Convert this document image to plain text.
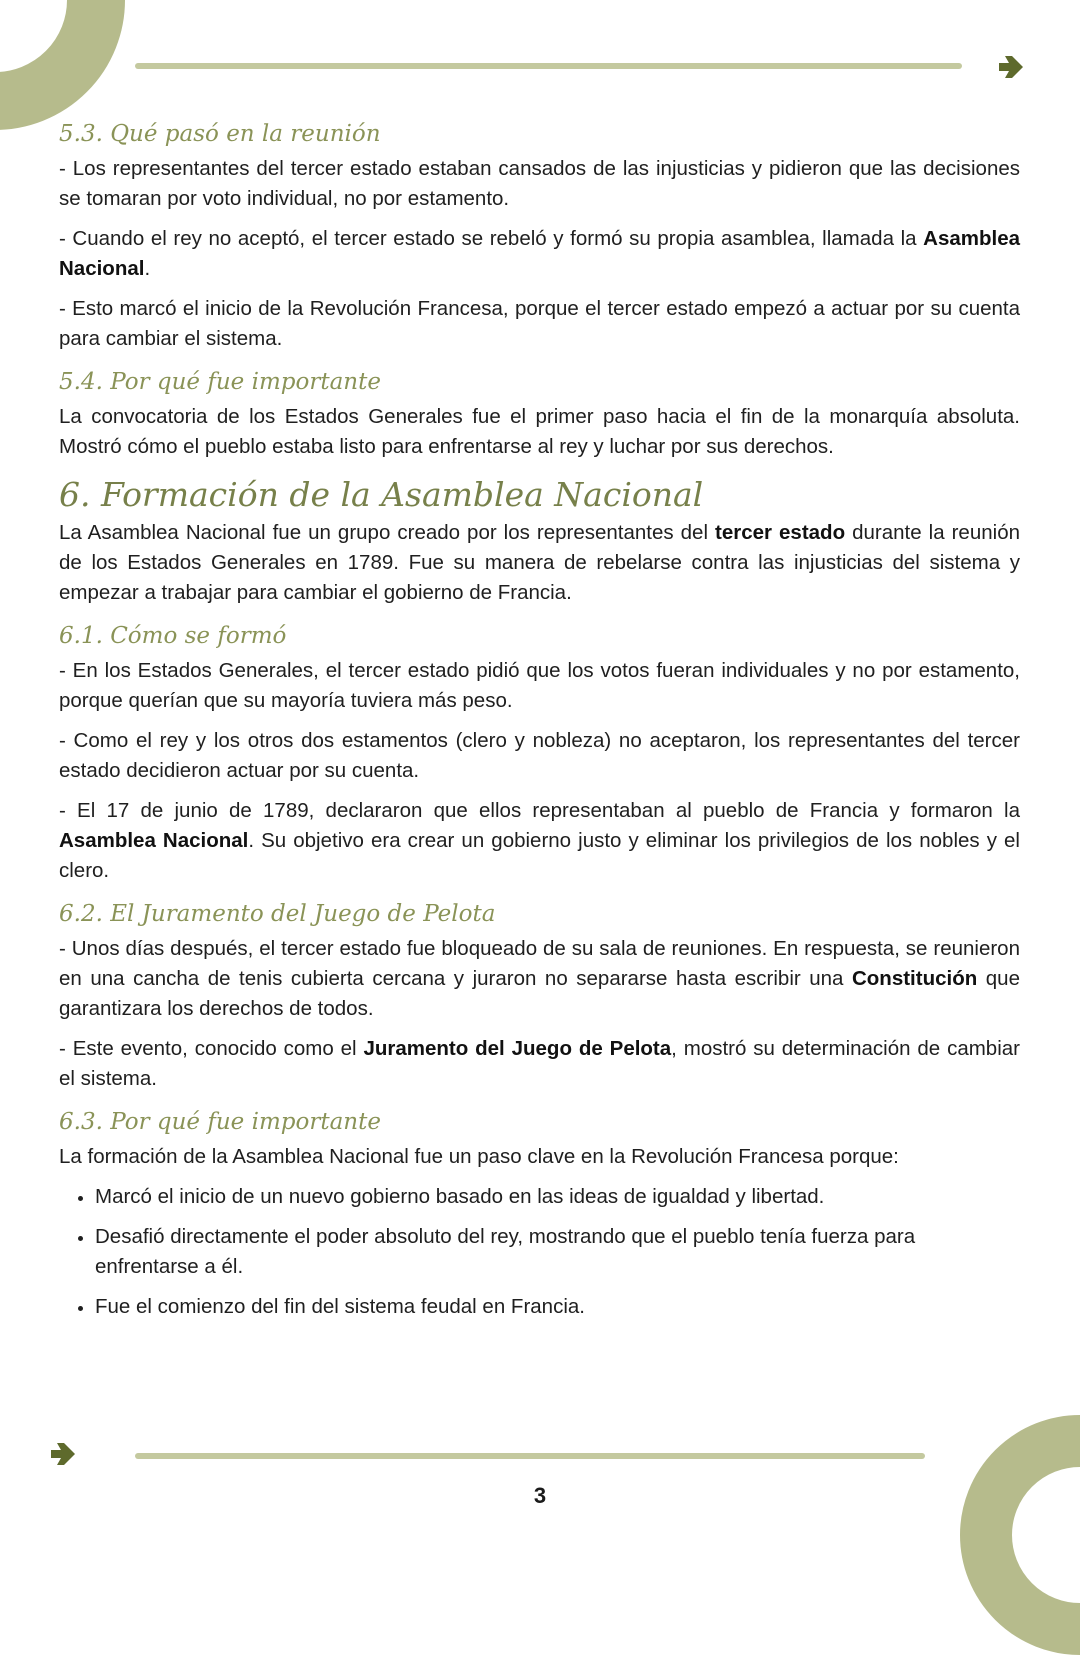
5.3. Qué pasó en la reunión

- Los representantes del tercer estado estaban cansados de las injusticias y pidieron que las decisiones se tomaran por voto individual, no por estamento.

- Cuando el rey no aceptó, el tercer estado se rebeló y formó su propia asamblea, llamada la Asamblea Nacional.

- Esto marcó el inicio de la Revolución Francesa, porque el tercer estado empezó a actuar por su cuenta para cambiar el sistema.

5.4. Por qué fue importante

La convocatoria de los Estados Generales fue el primer paso hacia el fin de la monarquía absoluta. Mostró cómo el pueblo estaba listo para enfrentarse al rey y luchar por sus derechos.

6. Formación de la Asamblea Nacional

La Asamblea Nacional fue un grupo creado por los representantes del tercer estado durante la reunión de los Estados Generales en 1789. Fue su manera de rebelarse contra las injusticias del sistema y empezar a trabajar para cambiar el gobierno de Francia.

6.1. Cómo se formó

- En los Estados Generales, el tercer estado pidió que los votos fueran individuales y no por estamento, porque querían que su mayoría tuviera más peso.

- Como el rey y los otros dos estamentos (clero y nobleza) no aceptaron, los representantes del tercer estado decidieron actuar por su cuenta.

- El 17 de junio de 1789, declararon que ellos representaban al pueblo de Francia y formaron la Asamblea Nacional. Su objetivo era crear un gobierno justo y eliminar los privilegios de los nobles y el clero.

6.2. El Juramento del Juego de Pelota

- Unos días después, el tercer estado fue bloqueado de su sala de reuniones. En respuesta, se reunieron en una cancha de tenis cubierta cercana y juraron no separarse hasta escribir una Constitución que garantizara los derechos de todos.

- Este evento, conocido como el Juramento del Juego de Pelota, mostró su determinación de cambiar el sistema.

6.3. Por qué fue importante

La formación de la Asamblea Nacional fue un paso clave en la Revolución Francesa porque:

• Marcó el inicio de un nuevo gobierno basado en las ideas de igualdad y libertad.
• Desafió directamente el poder absoluto del rey, mostrando que el pueblo tenía fuerza para enfrentarse a él.
• Fue el comienzo del fin del sistema feudal en Francia.
3
